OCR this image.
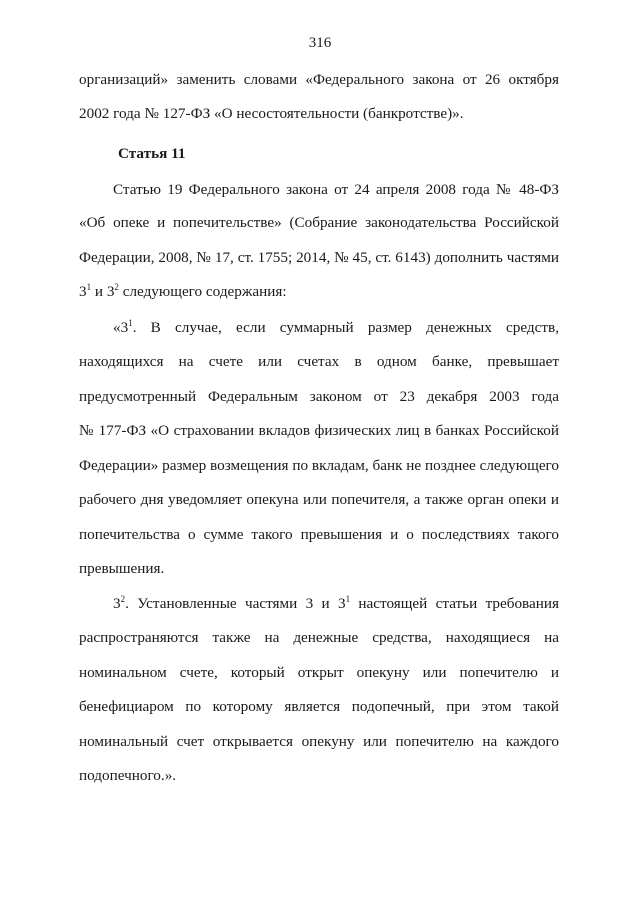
316
организаций» заменить словами «Федерального закона от 26 октября
2002 года № 127-ФЗ «О несостоятельности (банкротстве)».
Статья 11
Статью 19 Федерального закона от 24 апреля 2008 года № 48-ФЗ
«Об опеке и попечительстве» (Собрание законодательства Российской
Федерации, 2008, № 17, ст. 1755; 2014, № 45, ст. 6143) дополнить частями
$3^1$ и $3^2$ следующего содержания:
«$3^1$. В случае, если суммарный размер денежных средств,
находящихся на счете или счетах в одном банке, превышает
предусмотренный Федеральным законом от 23 декабря 2003 года
№ 177-ФЗ «О страховании вкладов физических лиц в банках Российской
Федерации» размер возмещения по вкладам, банк не позднее следующего
рабочего дня уведомляет опекуна или попечителя, а также орган опеки и
попечительства о сумме такого превышения и о последствиях такого
превышения.
$3^2$. Установленные частями 3 и $3^1$ настоящей статьи требования
распространяются также на денежные средства, находящиеся на
номинальном счете, который открыт опекуну или попечителю и
бенефициаром по которому является подопечный, при этом такой
номинальный счет открывается опекуну или попечителю на каждого
подопечного.».
